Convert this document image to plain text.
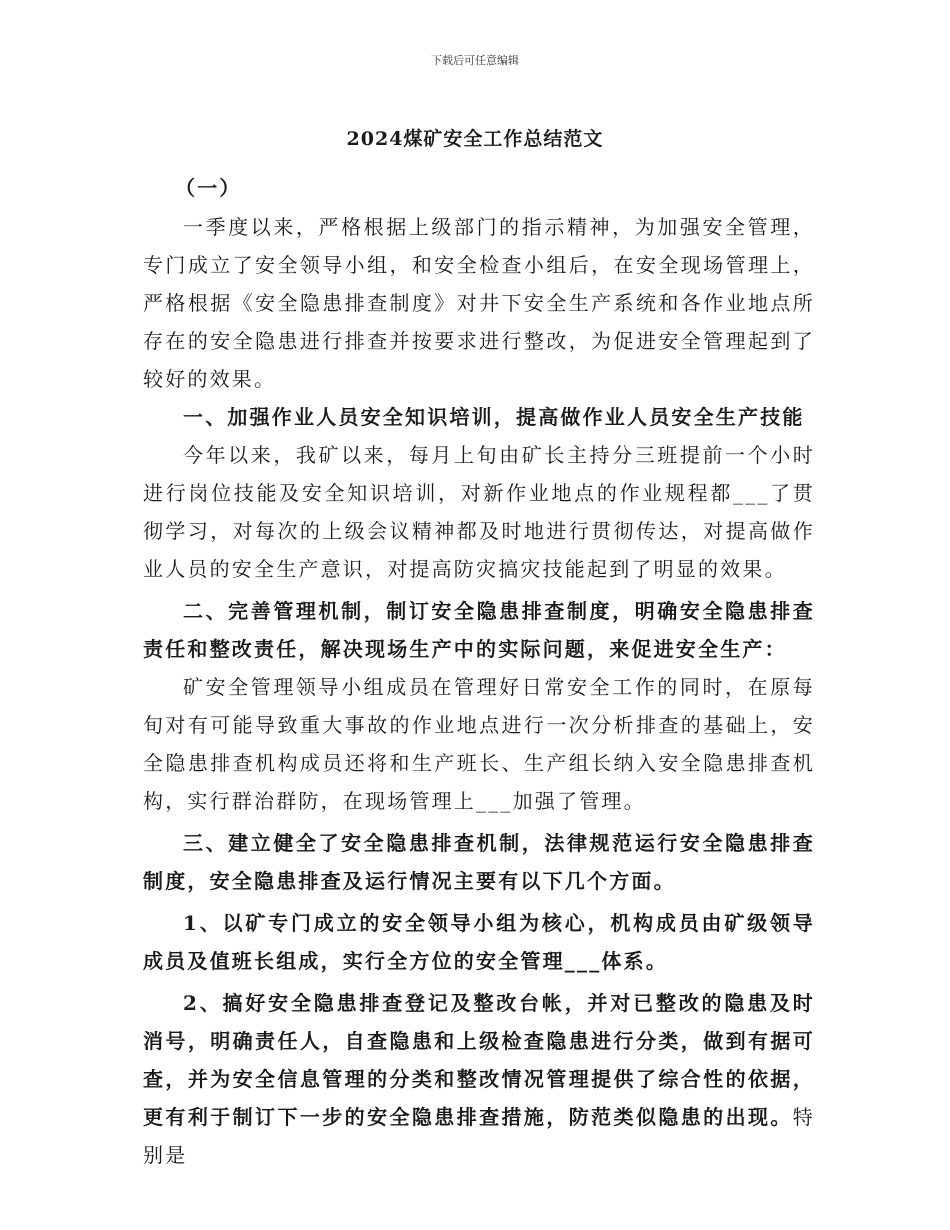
下载后可任意编辑
2024煤矿安全工作总结范文

（一）

一季度以来，严格根据上级部门的指示精神，为加强安全管理，专门成立了安全领导小组，和安全检查小组后，在安全现场管理上，严格根据《安全隐患排查制度》对井下安全生产系统和各作业地点所存在的安全隐患进行排查并按要求进行整改，为促进安全管理起到了较好的效果。

一、加强作业人员安全知识培训，提高做作业人员安全生产技能

今年以来，我矿以来，每月上旬由矿长主持分三班提前一个小时进行岗位技能及安全知识培训，对新作业地点的作业规程都___了贯彻学习，对每次的上级会议精神都及时地进行贯彻传达，对提高做作业人员的安全生产意识，对提高防灾搞灾技能起到了明显的效果。

二、完善管理机制，制订安全隐患排查制度，明确安全隐患排查责任和整改责任，解决现场生产中的实际问题，来促进安全生产：

矿安全管理领导小组成员在管理好日常安全工作的同时，在原每旬对有可能导致重大事故的作业地点进行一次分析排查的基础上，安全隐患排查机构成员还将和生产班长、生产组长纳入安全隐患排查机构，实行群治群防，在现场管理上___加强了管理。

三、建立健全了安全隐患排查机制，法律规范运行安全隐患排查制度，安全隐患排查及运行情况主要有以下几个方面。

1、以矿专门成立的安全领导小组为核心，机构成员由矿级领导成员及值班长组成，实行全方位的安全管理___体系。

2、搞好安全隐患排查登记及整改台帐，并对已整改的隐患及时消号，明确责任人，自查隐患和上级检查隐患进行分类，做到有据可查，并为安全信息管理的分类和整改情况管理提供了综合性的依据，更有利于制订下一步的安全隐患排查措施，防范类似隐患的出现。特别是
